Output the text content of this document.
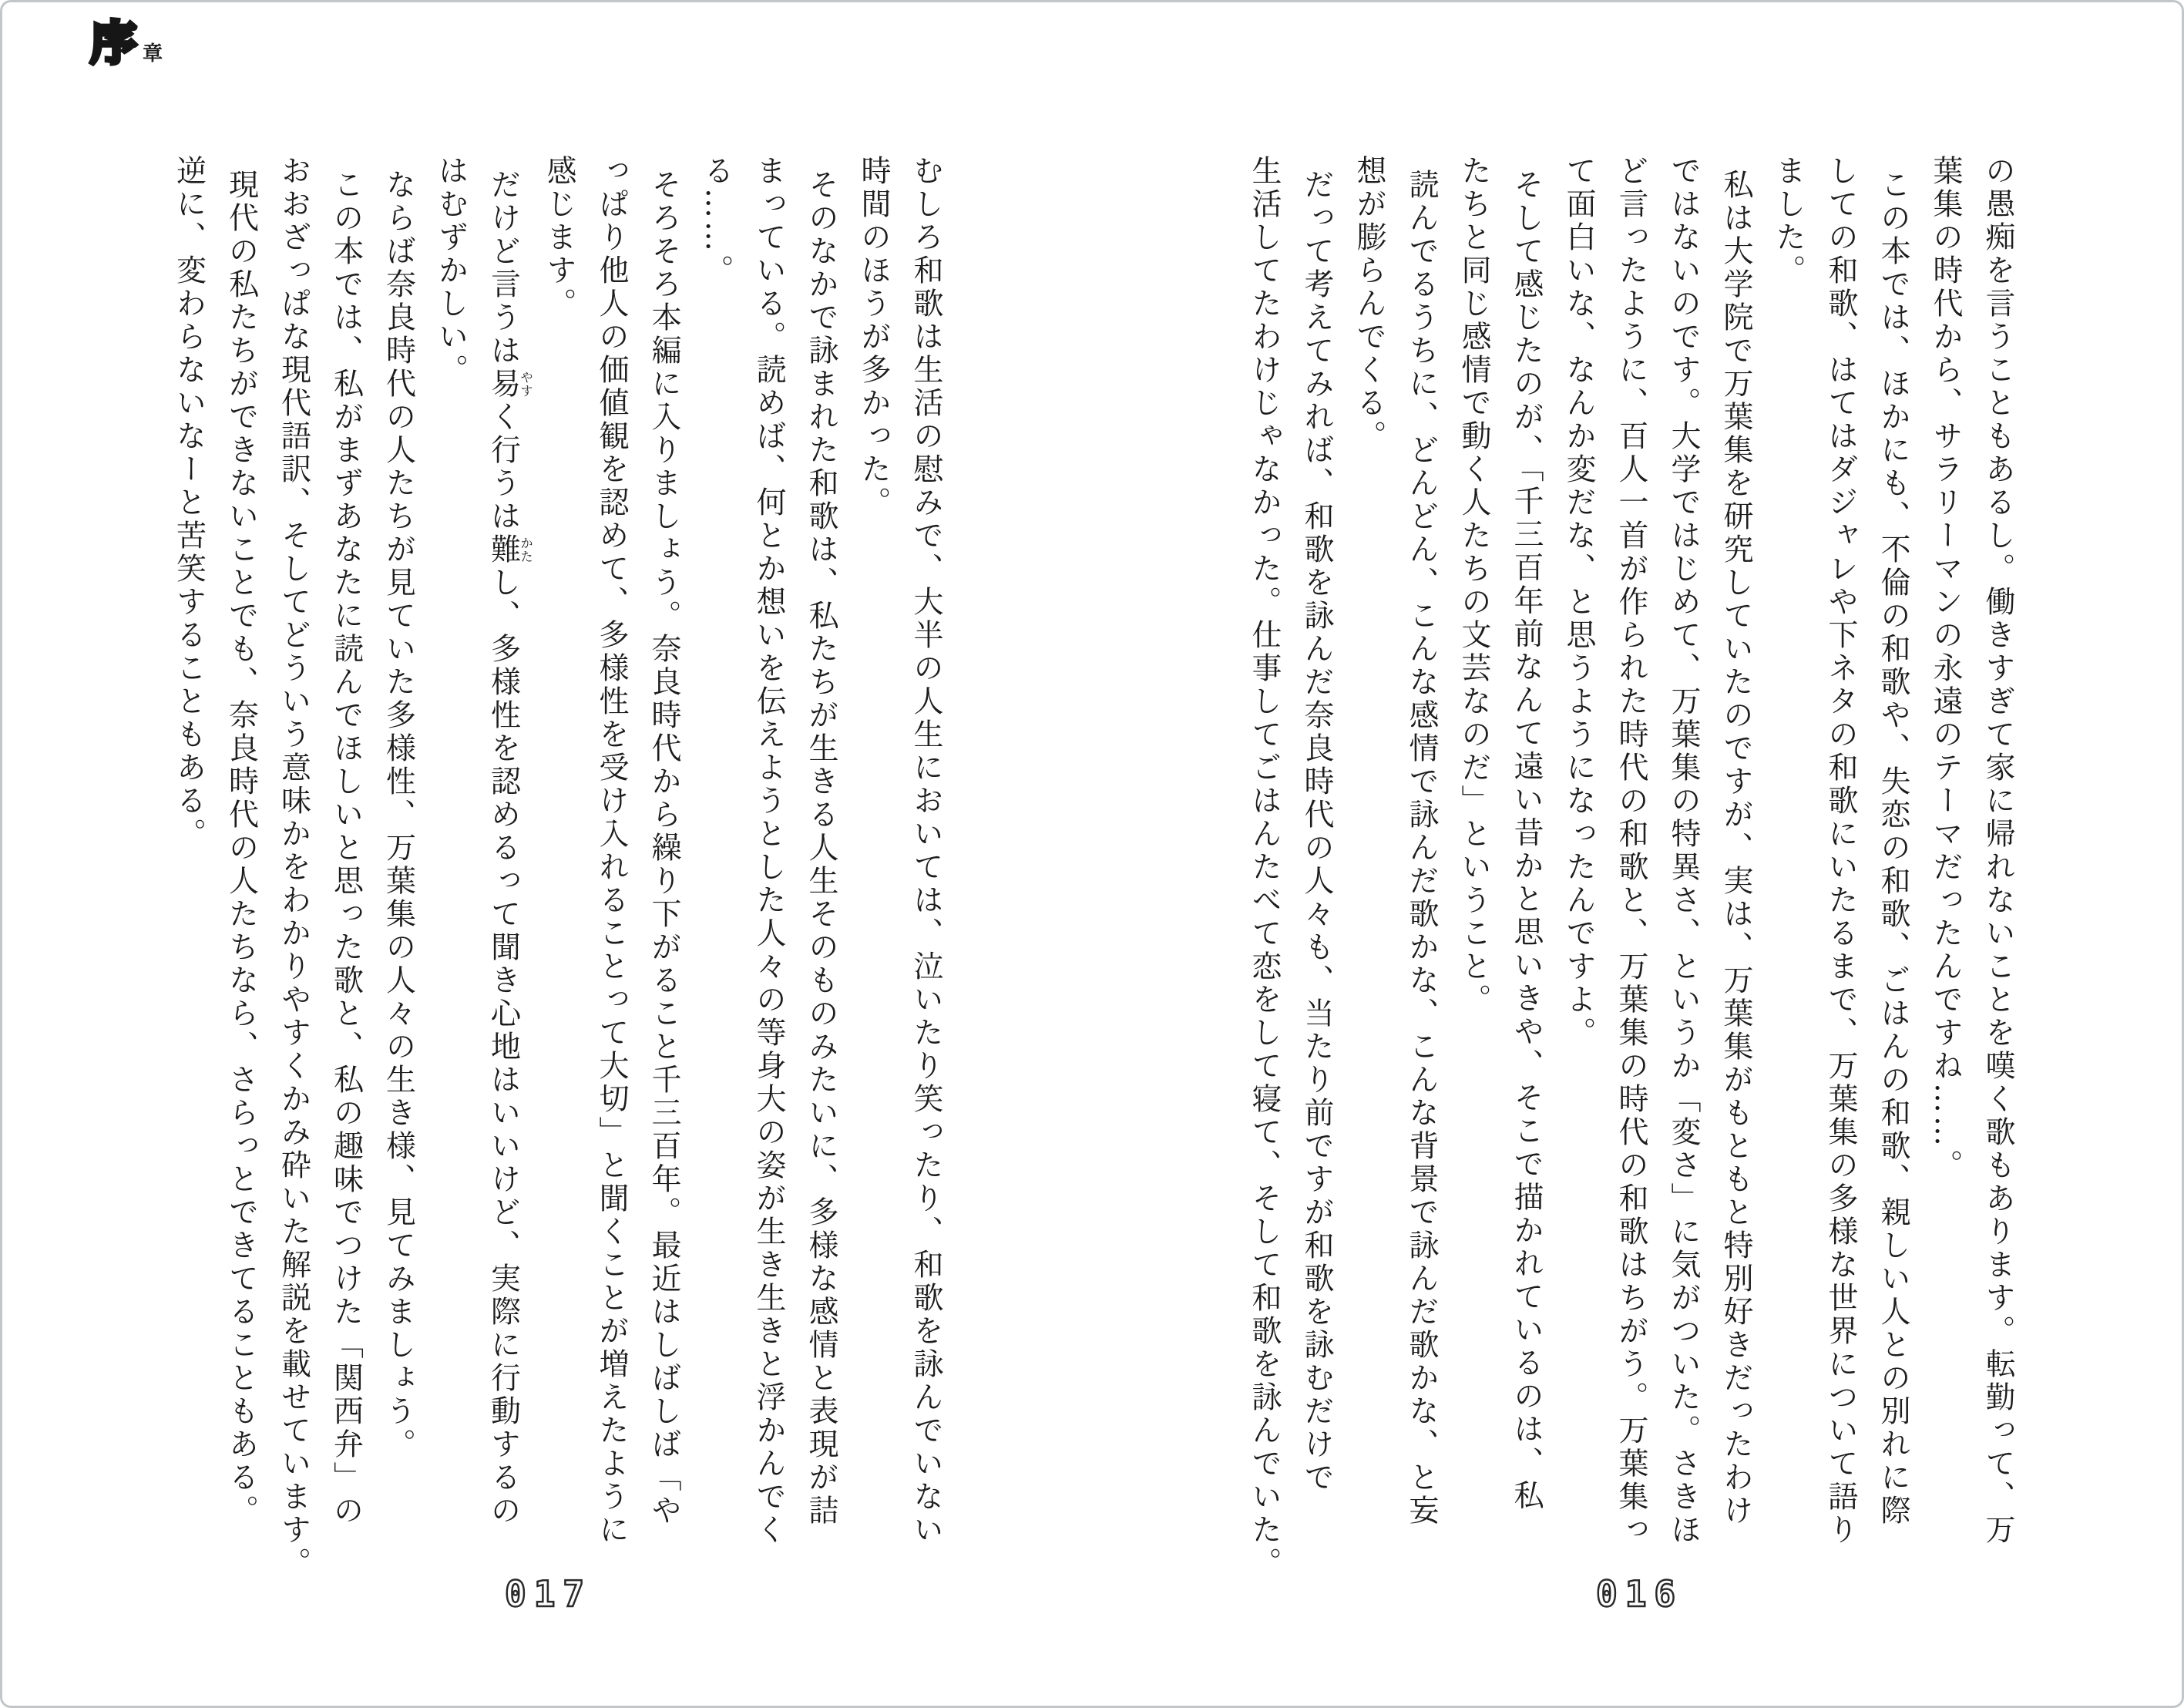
序 章
の愚痴を言うこともあるし。働きすぎて家に帰れないことを嘆く歌もあります。転勤って、万
葉集の時代から、サラリーマンの永遠のテーマだったんですね……。
この本では、ほかにも、不倫の和歌や、失恋の和歌、ごはんの和歌、親しい人との別れに際
しての和歌、はてはダジャレや下ネタの和歌にいたるまで、万葉集の多様な世界について語り
ました。
私は大学院で万葉集を研究していたのですが、実は、万葉集がもともと特別好きだったわけ
ではないのです。大学ではじめて、万葉集の特異さ、というか「変さ」に気がついた。さきほ
ど言ったように、百人一首が作られた時代の和歌と、万葉集の時代の和歌はちがう。万葉集っ
て面白いな、なんか変だな、と思うようになったんですよ。
そして感じたのが、「千三百年前なんて遠い昔かと思いきや、そこで描かれているのは、私
たちと同じ感情で動く人たちの文芸なのだ」ということ。
読んでるうちに、どんどん、こんな感情で詠んだ歌かな、こんな背景で詠んだ歌かな、と妄
想が膨らんでくる。
だって考えてみれば、和歌を詠んだ奈良時代の人々も、当たり前ですが和歌を詠むだけで
生活してたわけじゃなかった。仕事してごはんたべて恋をして寝て、そして和歌を詠んでいた。
むしろ和歌は生活の慰みで、大半の人生においては、泣いたり笑ったり、和歌を詠んでいない
時間のほうが多かった。
そのなかで詠まれた和歌は、私たちが生きる人生そのものみたいに、多様な感情と表現が詰
まっている。読めば、何とか想いを伝えようとした人々の等身大の姿が生き生きと浮かんでく
る……。
そろそろ本編に入りましょう。奈良時代から繰り下がること千三百年。最近はしばしば「や
っぱり他人の価値観を認めて、多様性を受け入れることって大切」と聞くことが増えたように
感じます。
だけど言うは易やすく行うは難かたし、多様性を認めるって聞き心地はいいけど、実際に行動するの
はむずかしい。
ならば奈良時代の人たちが見ていた多様性、万葉集の人々の生き様、見てみましょう。
この本では、私がまずあなたに読んでほしいと思った歌と、私の趣味でつけた「関西弁」の
おおざっぱな現代語訳、そしてどういう意味かをわかりやすくかみ砕いた解説を載せています。
現代の私たちができないことでも、奈良時代の人たちなら、さらっとできてることもある。
逆に、変わらないなーと苦笑することもある。
016
017
